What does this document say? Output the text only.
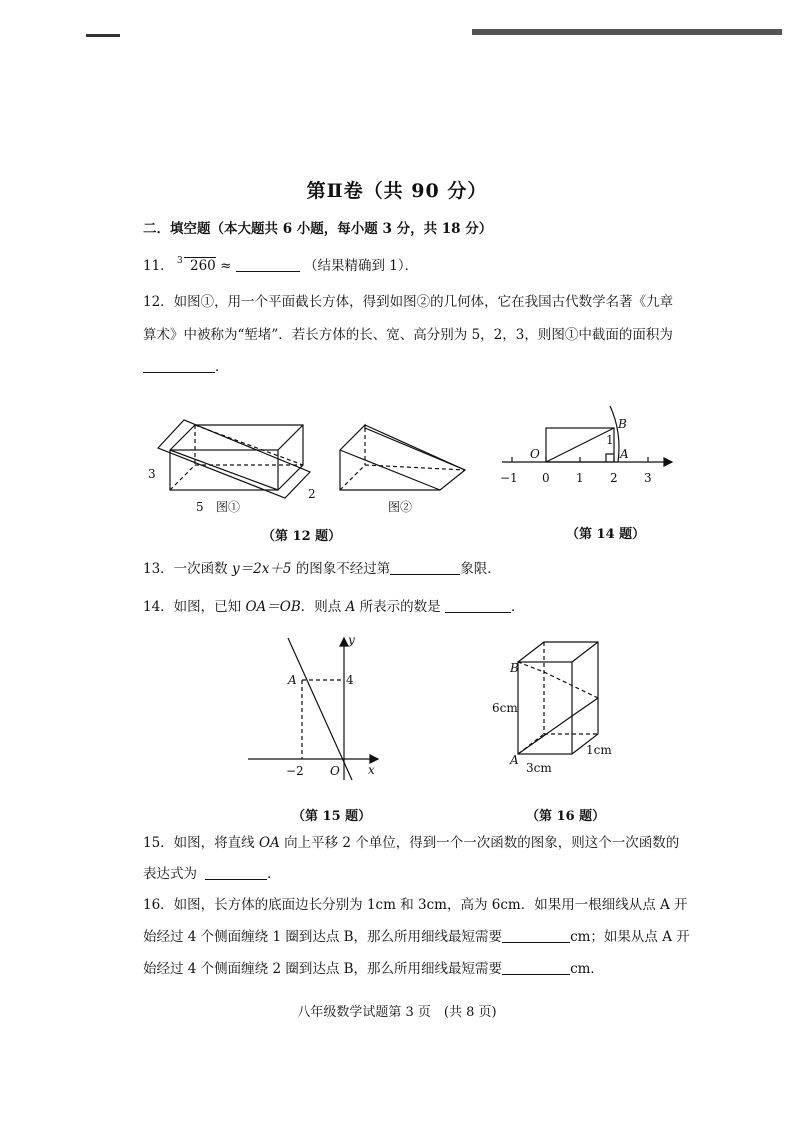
第Ⅱ卷（共 90 分）
二．填空题（本大题共 6 小题，每小题 3 分，共 18 分）
11． 3 260 ≈	（结果精确到 1）．
12．如图①，用一个平面截长方体，得到如图②的几何体，它在我国古代数学名著《九章
算术》中被称为“堑堵”．若长方体的长、宽、高分别为 5，2，3，则图①中截面的面积为
．
3
5 图①
2
图②
（第 12 题）
B
O	A
1
−1 0 1 2 3
（第 14 题）
13．一次函数 y＝2x＋5 的图象不经过第	象限．
14．如图，已知 OA＝OB．则点 A 所表示的数是	．
A	4
−2 O
y
x
（第 15 题）
B
A
6cm
3cm
1cm
（第 16 题）
15．如图，将直线 OA 向上平移 2 个单位，得到一个一次函数的图象，则这个一次函数的
表达式为	．
16．如图，长方体的底面边长分别为 1cm 和 3cm，高为 6cm．如果用一根细线从点 A 开
始经过 4 个侧面缠绕 1 圈到达点 B，那么所用细线最短需要	cm；如果从点 A 开
始经过 4 个侧面缠绕 2 圈到达点 B，那么所用细线最短需要	cm．
八年级数学试题第 3 页　(共 8 页)
